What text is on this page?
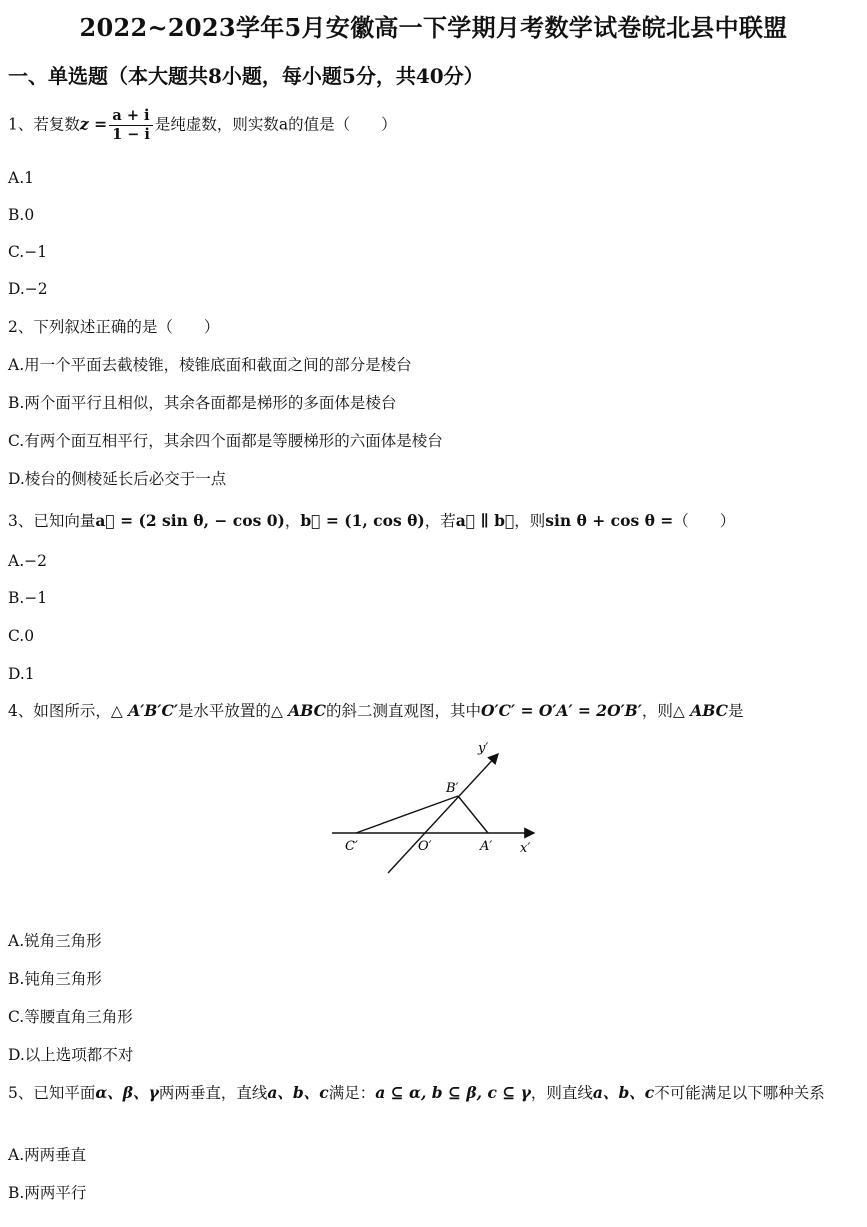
2022~2023学年5月安徽高一下学期月考数学试卷皖北县中联盟
一、单选题（本大题共8小题，每小题5分，共40分）
1、若复数$z = \frac{a + i}{1 - i}$ 是纯虚数，则实数a的值是（　　）
A.1
B.0
C.−1
D.−2
2、下列叙述正确的是（　　）
A.用一个平面去截棱锥，棱锥底面和截面之间的部分是棱台
B.两个面平行且相似，其余各面都是梯形的多面体是棱台
C.有两个面互相平行，其余四个面都是等腰梯形的六面体是棱台
D.棱台的侧棱延长后必交于一点
3、已知向量a⃗ = (2 sin θ, − cos 0)，b⃗ = (1, cos θ)，若a⃗ ∥ b⃗，则sin θ + cos θ =（　　）
A.−2
B.−1
C.0
D.1
4、如图所示，△ A′B′C′是水平放置的△ ABC的斜二测直观图，其中O′C′ = O′A′ = 2O′B′，则△ ABC是
y′
x′
B′
C′	O′	A′
A.锐角三角形
B.钝角三角形
C.等腰直角三角形
D.以上选项都不对
5、已知平面α、β、γ两两垂直，直线a、b、c满足：a ⊆ α, b ⊆ β, c ⊆ γ，则直线a、b、c不可能满足以下哪种关系
A.两两垂直
B.两两平行
